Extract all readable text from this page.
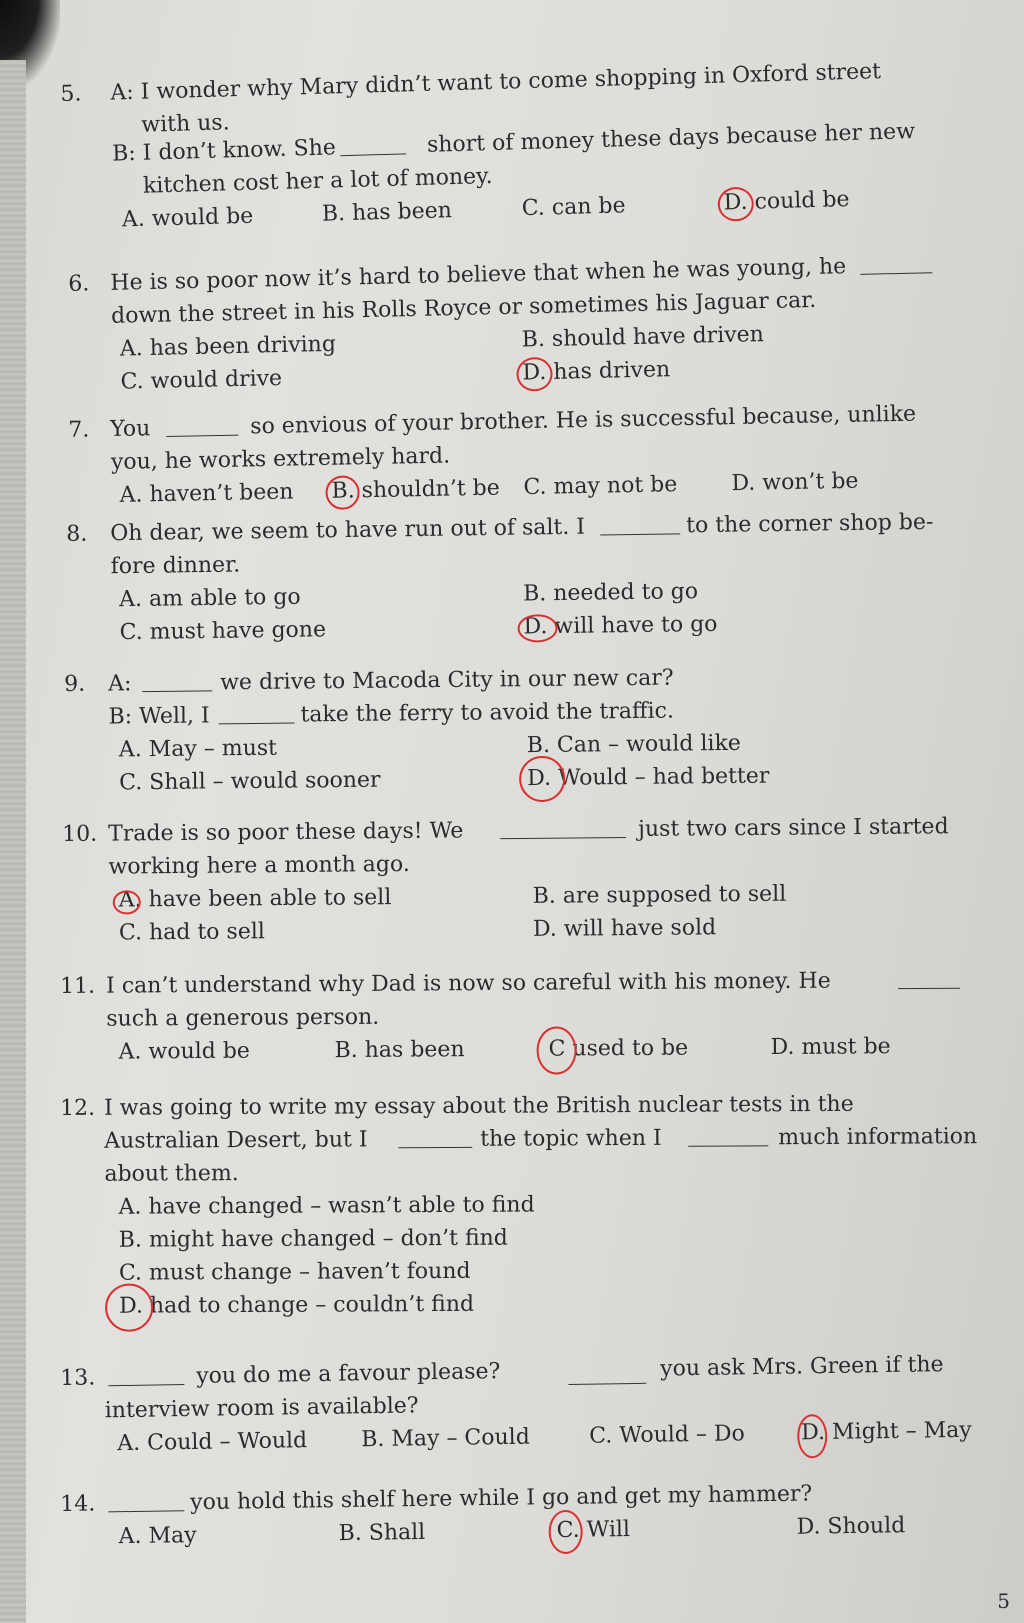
5. A: I wonder why Mary didn’t want to come shopping in Oxford street
with us.
B: I don’t know. She	short of money these days because her new
kitchen cost her a lot of money.
A. would be	B. has been	C. can be	D. could be
6. He is so poor now it’s hard to believe that when he was young, he
down the street in his Rolls Royce or sometimes his Jaguar car.
A. has been driving	B. should have driven
C. would drive	D. has driven
7. You	so envious of your brother. He is successful because, unlike
you, he works extremely hard.
A. haven’t been B. shouldn’t be C. may not be D. won’t be
8. Oh dear, we seem to have run out of salt. I	to the corner shop be-
fore dinner.
A. am able to go	B. needed to go
C. must have gone	D. will have to go
9. A:	we drive to Macoda City in our new car?
B: Well, I	take the ferry to avoid the traffic.
A. May – must	B. Can – would like
C. Shall – would sooner	D. Would – had better
10. Trade is so poor these days! We	just two cars since I started
working here a month ago.
A. have been able to sell	B. are supposed to sell
C. had to sell	D. will have sold
11. I can’t understand why Dad is now so careful with his money. He
such a generous person.
A. would be	B. has been	C used to be	D. must be
12. I was going to write my essay about the British nuclear tests in the
Australian Desert, but I	the topic when I	much information
about them.
A. have changed – wasn’t able to find
B. might have changed – don’t find
C. must change – haven’t found
D. had to change – couldn’t find
13.	you do me a favour please?	you ask Mrs. Green if the
interview room is available?
A. Could – Would B. May – Could	C. Would – Do	D. Might – May
14.	you hold this shelf here while I go and get my hammer?
A. May	B. Shall	C. Will	D. Should
5
